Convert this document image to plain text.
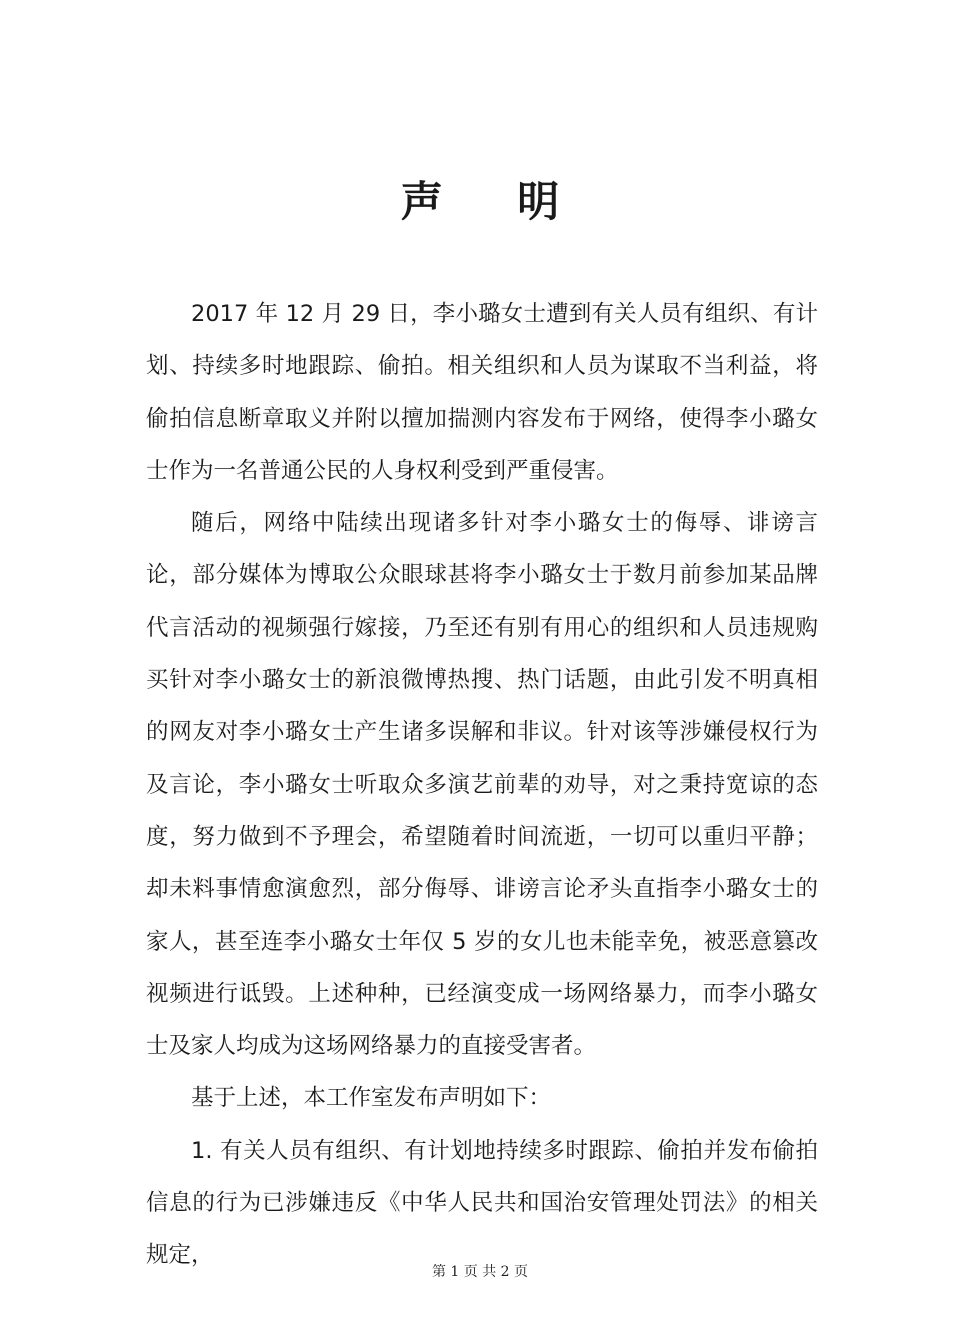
声 明

2017 年 12 月 29 日，李小璐女士遭到有关人员有组织、有计划、持续多时地跟踪、偷拍。相关组织和人员为谋取不当利益，将偷拍信息断章取义并附以擅加揣测内容发布于网络，使得李小璐女士作为一名普通公民的人身权利受到严重侵害。

随后，网络中陆续出现诸多针对李小璐女士的侮辱、诽谤言论，部分媒体为博取公众眼球甚将李小璐女士于数月前参加某品牌代言活动的视频强行嫁接，乃至还有别有用心的组织和人员违规购买针对李小璐女士的新浪微博热搜、热门话题，由此引发不明真相的网友对李小璐女士产生诸多误解和非议。针对该等涉嫌侵权行为及言论，李小璐女士听取众多演艺前辈的劝导，对之秉持宽谅的态度，努力做到不予理会，希望随着时间流逝，一切可以重归平静；却未料事情愈演愈烈，部分侮辱、诽谤言论矛头直指李小璐女士的家人，甚至连李小璐女士年仅 5 岁的女儿也未能幸免，被恶意篡改视频进行诋毁。上述种种，已经演变成一场网络暴力，而李小璐女士及家人均成为这场网络暴力的直接受害者。

基于上述，本工作室发布声明如下：

1. 有关人员有组织、有计划地持续多时跟踪、偷拍并发布偷拍信息的行为已涉嫌违反《中华人民共和国治安管理处罚法》的相关规定，

第 1 页 共 2 页
